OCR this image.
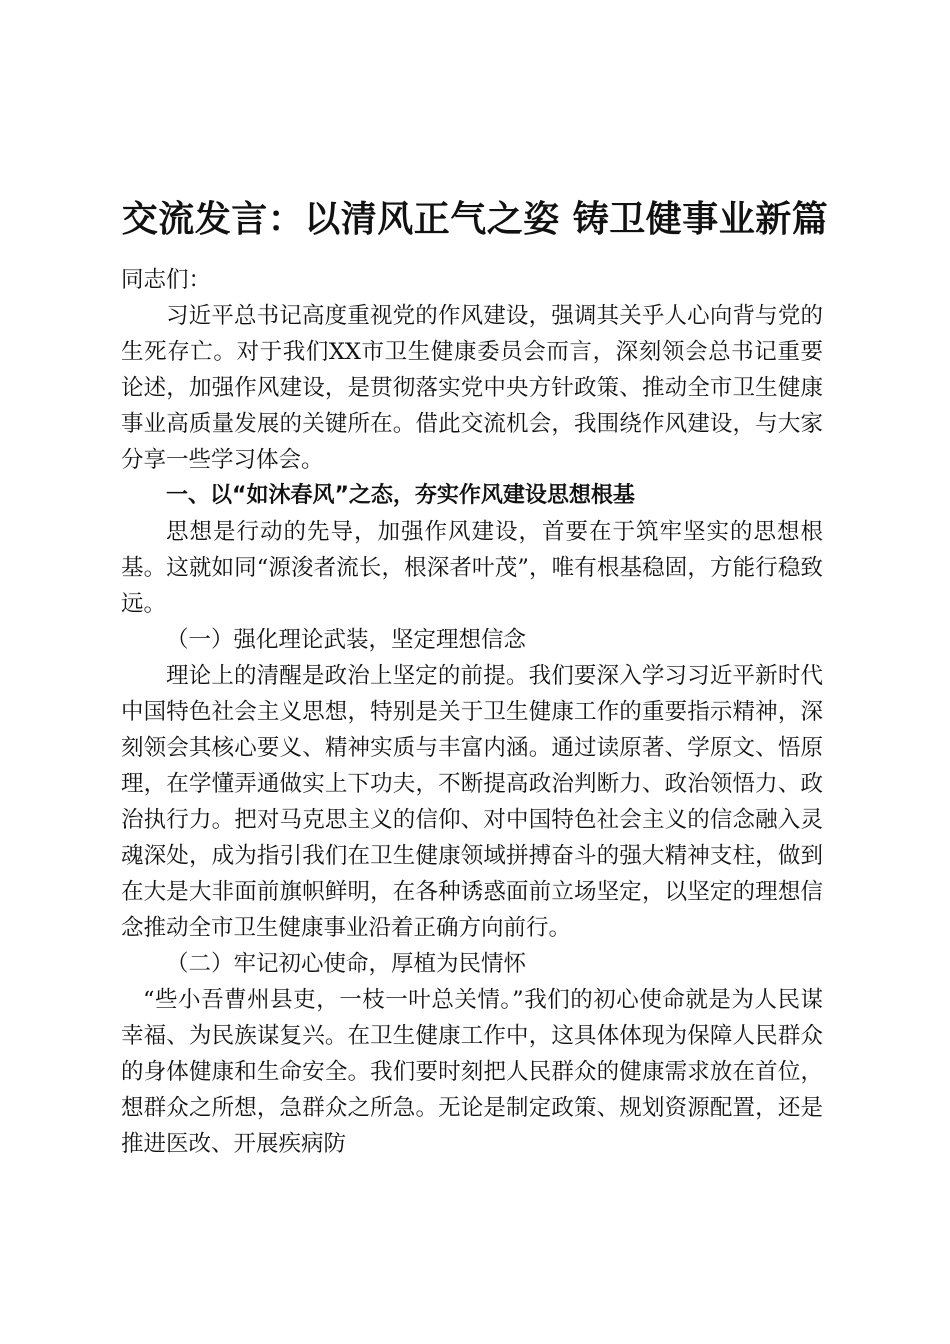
交流发言：以清风正气之姿 铸卫健事业新篇

同志们：

习近平总书记高度重视党的作风建设，强调其关乎人心向背与党的生死存亡。对于我们XX市卫生健康委员会而言，深刻领会总书记重要论述，加强作风建设，是贯彻落实党中央方针政策、推动全市卫生健康事业高质量发展的关键所在。借此交流机会，我围绕作风建设，与大家分享一些学习体会。

一、以“如沐春风”之态，夯实作风建设思想根基

思想是行动的先导，加强作风建设，首要在于筑牢坚实的思想根基。这就如同“源浚者流长，根深者叶茂”，唯有根基稳固，方能行稳致远。

（一）强化理论武装，坚定理想信念

理论上的清醒是政治上坚定的前提。我们要深入学习习近平新时代中国特色社会主义思想，特别是关于卫生健康工作的重要指示精神，深刻领会其核心要义、精神实质与丰富内涵。通过读原著、学原文、悟原理，在学懂弄通做实上下功夫，不断提高政治判断力、政治领悟力、政治执行力。把对马克思主义的信仰、对中国特色社会主义的信念融入灵魂深处，成为指引我们在卫生健康领域拼搏奋斗的强大精神支柱，做到在大是大非面前旗帜鲜明，在各种诱惑面前立场坚定，以坚定的理想信念推动全市卫生健康事业沿着正确方向前行。

（二）牢记初心使命，厚植为民情怀

“些小吾曹州县吏，一枝一叶总关情。”我们的初心使命就是为人民谋幸福、为民族谋复兴。在卫生健康工作中，这具体体现为保障人民群众的身体健康和生命安全。我们要时刻把人民群众的健康需求放在首位，想群众之所想，急群众之所急。无论是制定政策、规划资源配置，还是推进医改、开展疾病防
